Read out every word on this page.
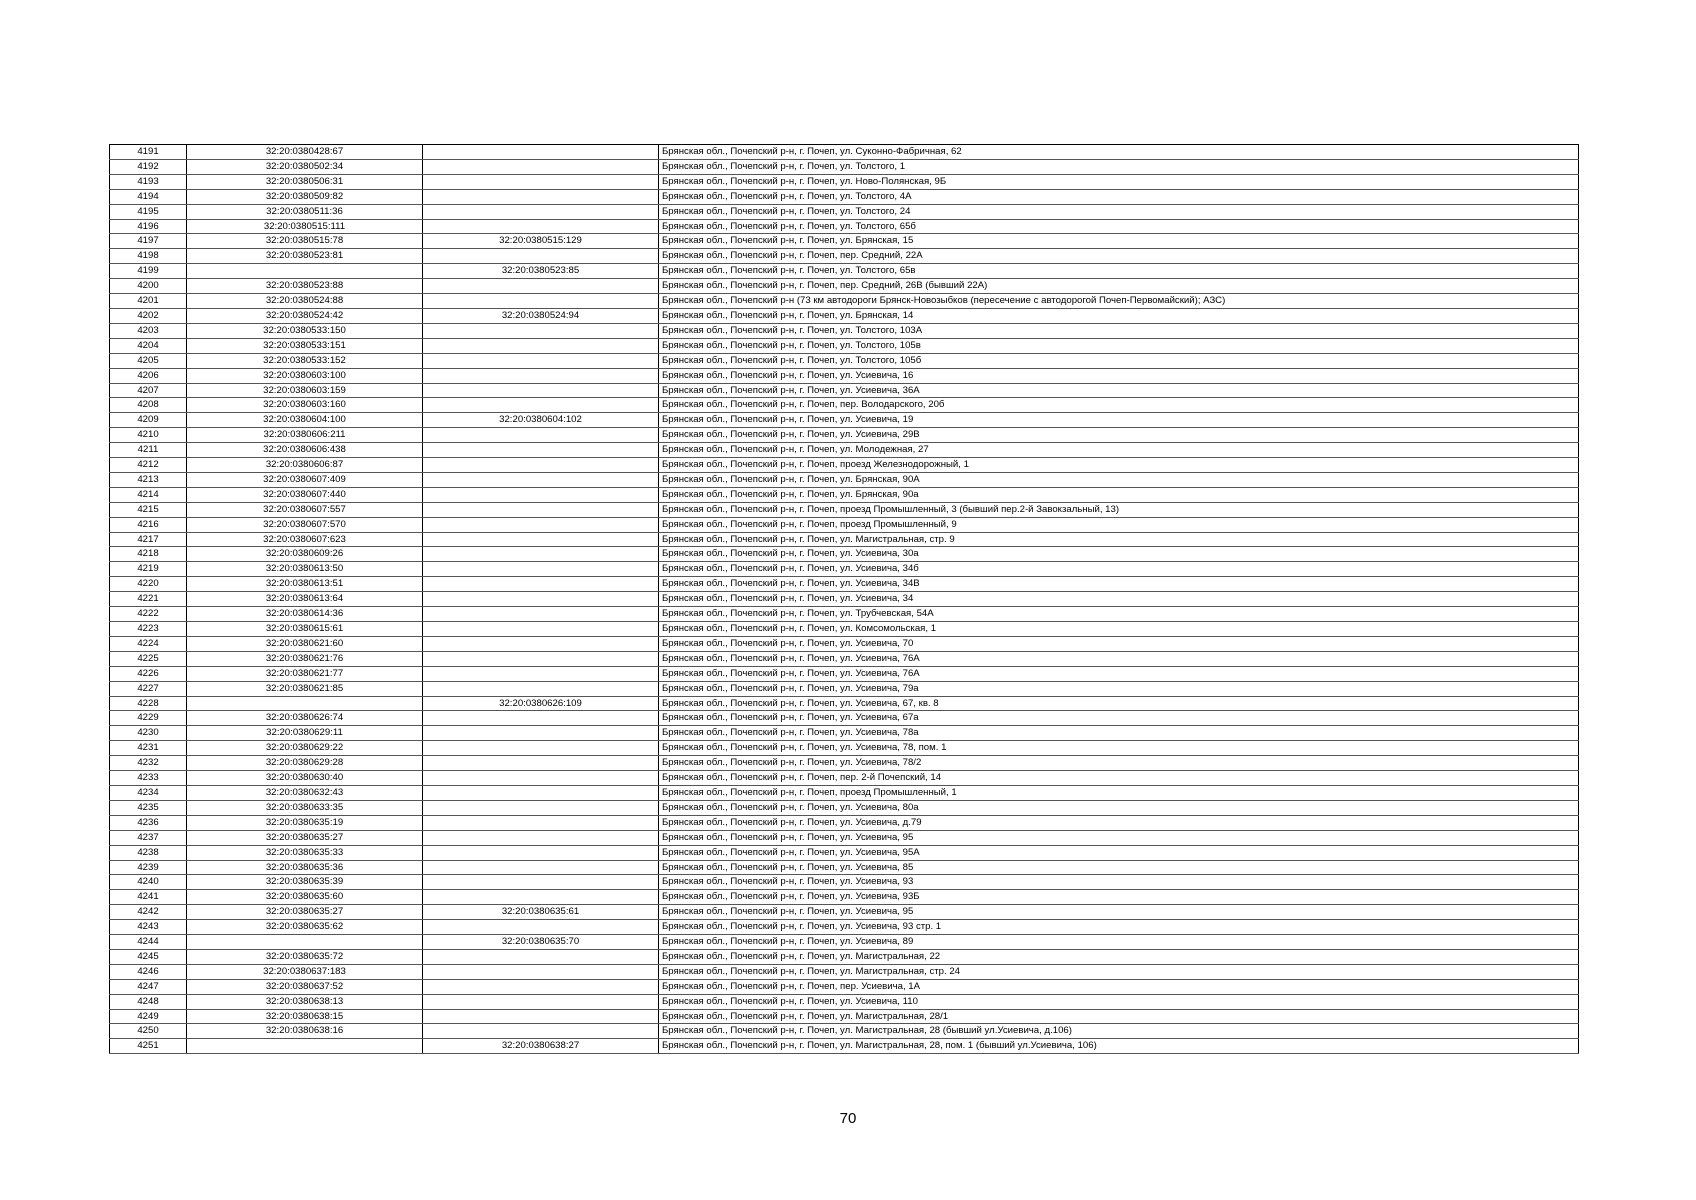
4191	32:20:0380428:67		Брянская обл., Почепский р-н, г. Почеп, ул. Суконно-Фабричная, 62
4192	32:20:0380502:34		Брянская обл., Почепский р-н, г. Почеп, ул. Толстого, 1
4193	32:20:0380506:31		Брянская обл., Почепский р-н, г. Почеп, ул. Ново-Полянская, 9Б
4194	32:20:0380509:82		Брянская обл., Почепский р-н, г. Почеп, ул. Толстого, 4А
4195	32:20:0380511:36		Брянская обл., Почепский р-н, г. Почеп, ул. Толстого, 24
4196	32:20:0380515:111		Брянская обл., Почепский р-н, г. Почеп, ул. Толстого, 65б
4197	32:20:0380515:78	32:20:0380515:129	Брянская обл., Почепский р-н, г. Почеп, ул. Брянская, 15
4198	32:20:0380523:81		Брянская обл., Почепский р-н, г. Почеп, пер. Средний, 22А
4199		32:20:0380523:85	Брянская обл., Почепский р-н, г. Почеп, ул. Толстого, 65в
4200	32:20:0380523:88		Брянская обл., Почепский р-н, г. Почеп, пер. Средний, 26В (бывший 22А)
4201	32:20:0380524:88		Брянская обл., Почепский р-н (73 км автодороги Брянск-Новозыбков (пересечение с автодорогой Почеп-Первомайский); АЗС)
4202	32:20:0380524:42	32:20:0380524:94	Брянская обл., Почепский р-н, г. Почеп, ул. Брянская, 14
4203	32:20:0380533:150		Брянская обл., Почепский р-н, г. Почеп, ул. Толстого, 103А
4204	32:20:0380533:151		Брянская обл., Почепский р-н, г. Почеп, ул. Толстого, 105в
4205	32:20:0380533:152		Брянская обл., Почепский р-н, г. Почеп, ул. Толстого, 105б
4206	32:20:0380603:100		Брянская обл., Почепский р-н, г. Почеп, ул. Усиевича, 16
4207	32:20:0380603:159		Брянская обл., Почепский р-н, г. Почеп, ул. Усиевича, 36А
4208	32:20:0380603:160		Брянская обл., Почепский р-н, г. Почеп, пер. Володарского, 20б
4209	32:20:0380604:100	32:20:0380604:102	Брянская обл., Почепский р-н, г. Почеп, ул. Усиевича, 19
4210	32:20:0380606:211		Брянская обл., Почепский р-н, г. Почеп, ул. Усиевича, 29В
4211	32:20:0380606:438		Брянская обл., Почепский р-н, г. Почеп, ул. Молодежная, 27
4212	32:20:0380606:87		Брянская обл., Почепский р-н, г. Почеп, проезд Железнодорожный, 1
4213	32:20:0380607:409		Брянская обл., Почепский р-н, г. Почеп, ул. Брянская, 90А
4214	32:20:0380607:440		Брянская обл., Почепский р-н, г. Почеп, ул. Брянская, 90а
4215	32:20:0380607:557		Брянская обл., Почепский р-н, г. Почеп, проезд Промышленный, 3 (бывший пер.2-й Завокзальный, 13)
4216	32:20:0380607:570		Брянская обл., Почепский р-н, г. Почеп, проезд Промышленный, 9
4217	32:20:0380607:623		Брянская обл., Почепский р-н, г. Почеп, ул. Магистральная, стр. 9
4218	32:20:0380609:26		Брянская обл., Почепский р-н, г. Почеп, ул. Усиевича, 30а
4219	32:20:0380613:50		Брянская обл., Почепский р-н, г. Почеп, ул. Усиевича, 34б
4220	32:20:0380613:51		Брянская обл., Почепский р-н, г. Почеп, ул. Усиевича, 34В
4221	32:20:0380613:64		Брянская обл., Почепский р-н, г. Почеп, ул. Усиевича, 34
4222	32:20:0380614:36		Брянская обл., Почепский р-н, г. Почеп, ул. Трубчевская, 54А
4223	32:20:0380615:61		Брянская обл., Почепский р-н, г. Почеп, ул. Комсомольская, 1
4224	32:20:0380621:60		Брянская обл., Почепский р-н, г. Почеп, ул. Усиевича, 70
4225	32:20:0380621:76		Брянская обл., Почепский р-н, г. Почеп, ул. Усиевича, 76А
4226	32:20:0380621:77		Брянская обл., Почепский р-н, г. Почеп, ул. Усиевича, 76А
4227	32:20:0380621:85		Брянская обл., Почепский р-н, г. Почеп, ул. Усиевича, 79а
4228		32:20:0380626:109	Брянская обл., Почепский р-н, г. Почеп, ул. Усиевича, 67, кв. 8
4229	32:20:0380626:74		Брянская обл., Почепский р-н, г. Почеп, ул. Усиевича, 67а
4230	32:20:0380629:11		Брянская обл., Почепский р-н, г. Почеп, ул. Усиевича, 78а
4231	32:20:0380629:22		Брянская обл., Почепский р-н, г. Почеп, ул. Усиевича, 78, пом. 1
4232	32:20:0380629:28		Брянская обл., Почепский р-н, г. Почеп, ул. Усиевича, 78/2
4233	32:20:0380630:40		Брянская обл., Почепский р-н, г. Почеп, пер. 2-й Почепский, 14
4234	32:20:0380632:43		Брянская обл., Почепский р-н, г. Почеп, проезд Промышленный, 1
4235	32:20:0380633:35		Брянская обл., Почепский р-н, г. Почеп, ул. Усиевича, 80а
4236	32:20:0380635:19		Брянская обл., Почепский р-н, г. Почеп, ул. Усиевича, д.79
4237	32:20:0380635:27		Брянская обл., Почепский р-н, г. Почеп, ул. Усиевича, 95
4238	32:20:0380635:33		Брянская обл., Почепский р-н, г. Почеп, ул. Усиевича, 95А
4239	32:20:0380635:36		Брянская обл., Почепский р-н, г. Почеп, ул. Усиевича, 85
4240	32:20:0380635:39		Брянская обл., Почепский р-н, г. Почеп, ул. Усиевича, 93
4241	32:20:0380635:60		Брянская обл., Почепский р-н, г. Почеп, ул. Усиевича, 93Б
4242	32:20:0380635:27	32:20:0380635:61	Брянская обл., Почепский р-н, г. Почеп, ул. Усиевича, 95
4243	32:20:0380635:62		Брянская обл., Почепский р-н, г. Почеп, ул. Усиевича, 93 стр. 1
4244		32:20:0380635:70	Брянская обл., Почепский р-н, г. Почеп, ул. Усиевича, 89
4245	32:20:0380635:72		Брянская обл., Почепский р-н, г. Почеп, ул. Магистральная, 22
4246	32:20:0380637:183		Брянская обл., Почепский р-н, г. Почеп, ул. Магистральная, стр. 24
4247	32:20:0380637:52		Брянская обл., Почепский р-н, г. Почеп, пер. Усиевича, 1А
4248	32:20:0380638:13		Брянская обл., Почепский р-н, г. Почеп, ул. Усиевича, 110
4249	32:20:0380638:15		Брянская обл., Почепский р-н, г. Почеп, ул. Магистральная, 28/1
4250	32:20:0380638:16		Брянская обл., Почепский р-н, г. Почеп, ул. Магистральная, 28 (бывший ул.Усиевича, д.106)
4251		32:20:0380638:27	Брянская обл., Почепский р-н, г. Почеп, ул. Магистральная, 28, пом. 1 (бывший ул.Усиевича, 106)
70
